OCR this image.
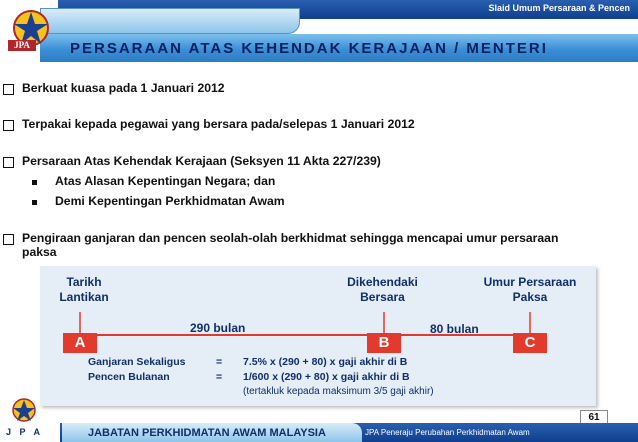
Slaid Umum Persaraan & Pencen
PERSARAAN ATAS KEHENDAK KERAJAAN / MENTERI
JPA
Berkuat kuasa pada 1 Januari 2012
Terpakai kepada pegawai yang bersara pada/selepas 1 Januari 2012
Persaraan Atas Kehendak Kerajaan (Seksyen 11 Akta 227/239)
Atas Alasan Kepentingan Negara; dan
Demi Kepentingan Perkhidmatan Awam
Pengiraan ganjaran dan pencen seolah-olah berkhidmat sehingga mencapai umur persaraan
paksa
Tarikh
Lantikan
Dikehendaki
Bersara
Umur Persaraan
Paksa
290 bulan	80 bulan
A	B	C
Ganjaran Sekaligus	= 7.5% x (290 + 80) x gaji akhir di B
Pencen Bulanan	= 1/600 x (290 + 80) x gaji akhir di B
(tertakluk kepada maksimum 3/5 gaji akhir)
61
JABATAN PERKHIDMATAN AWAM MALAYSIA	JPA Peneraju Perubahan Perkhidmatan Awam
J P A
